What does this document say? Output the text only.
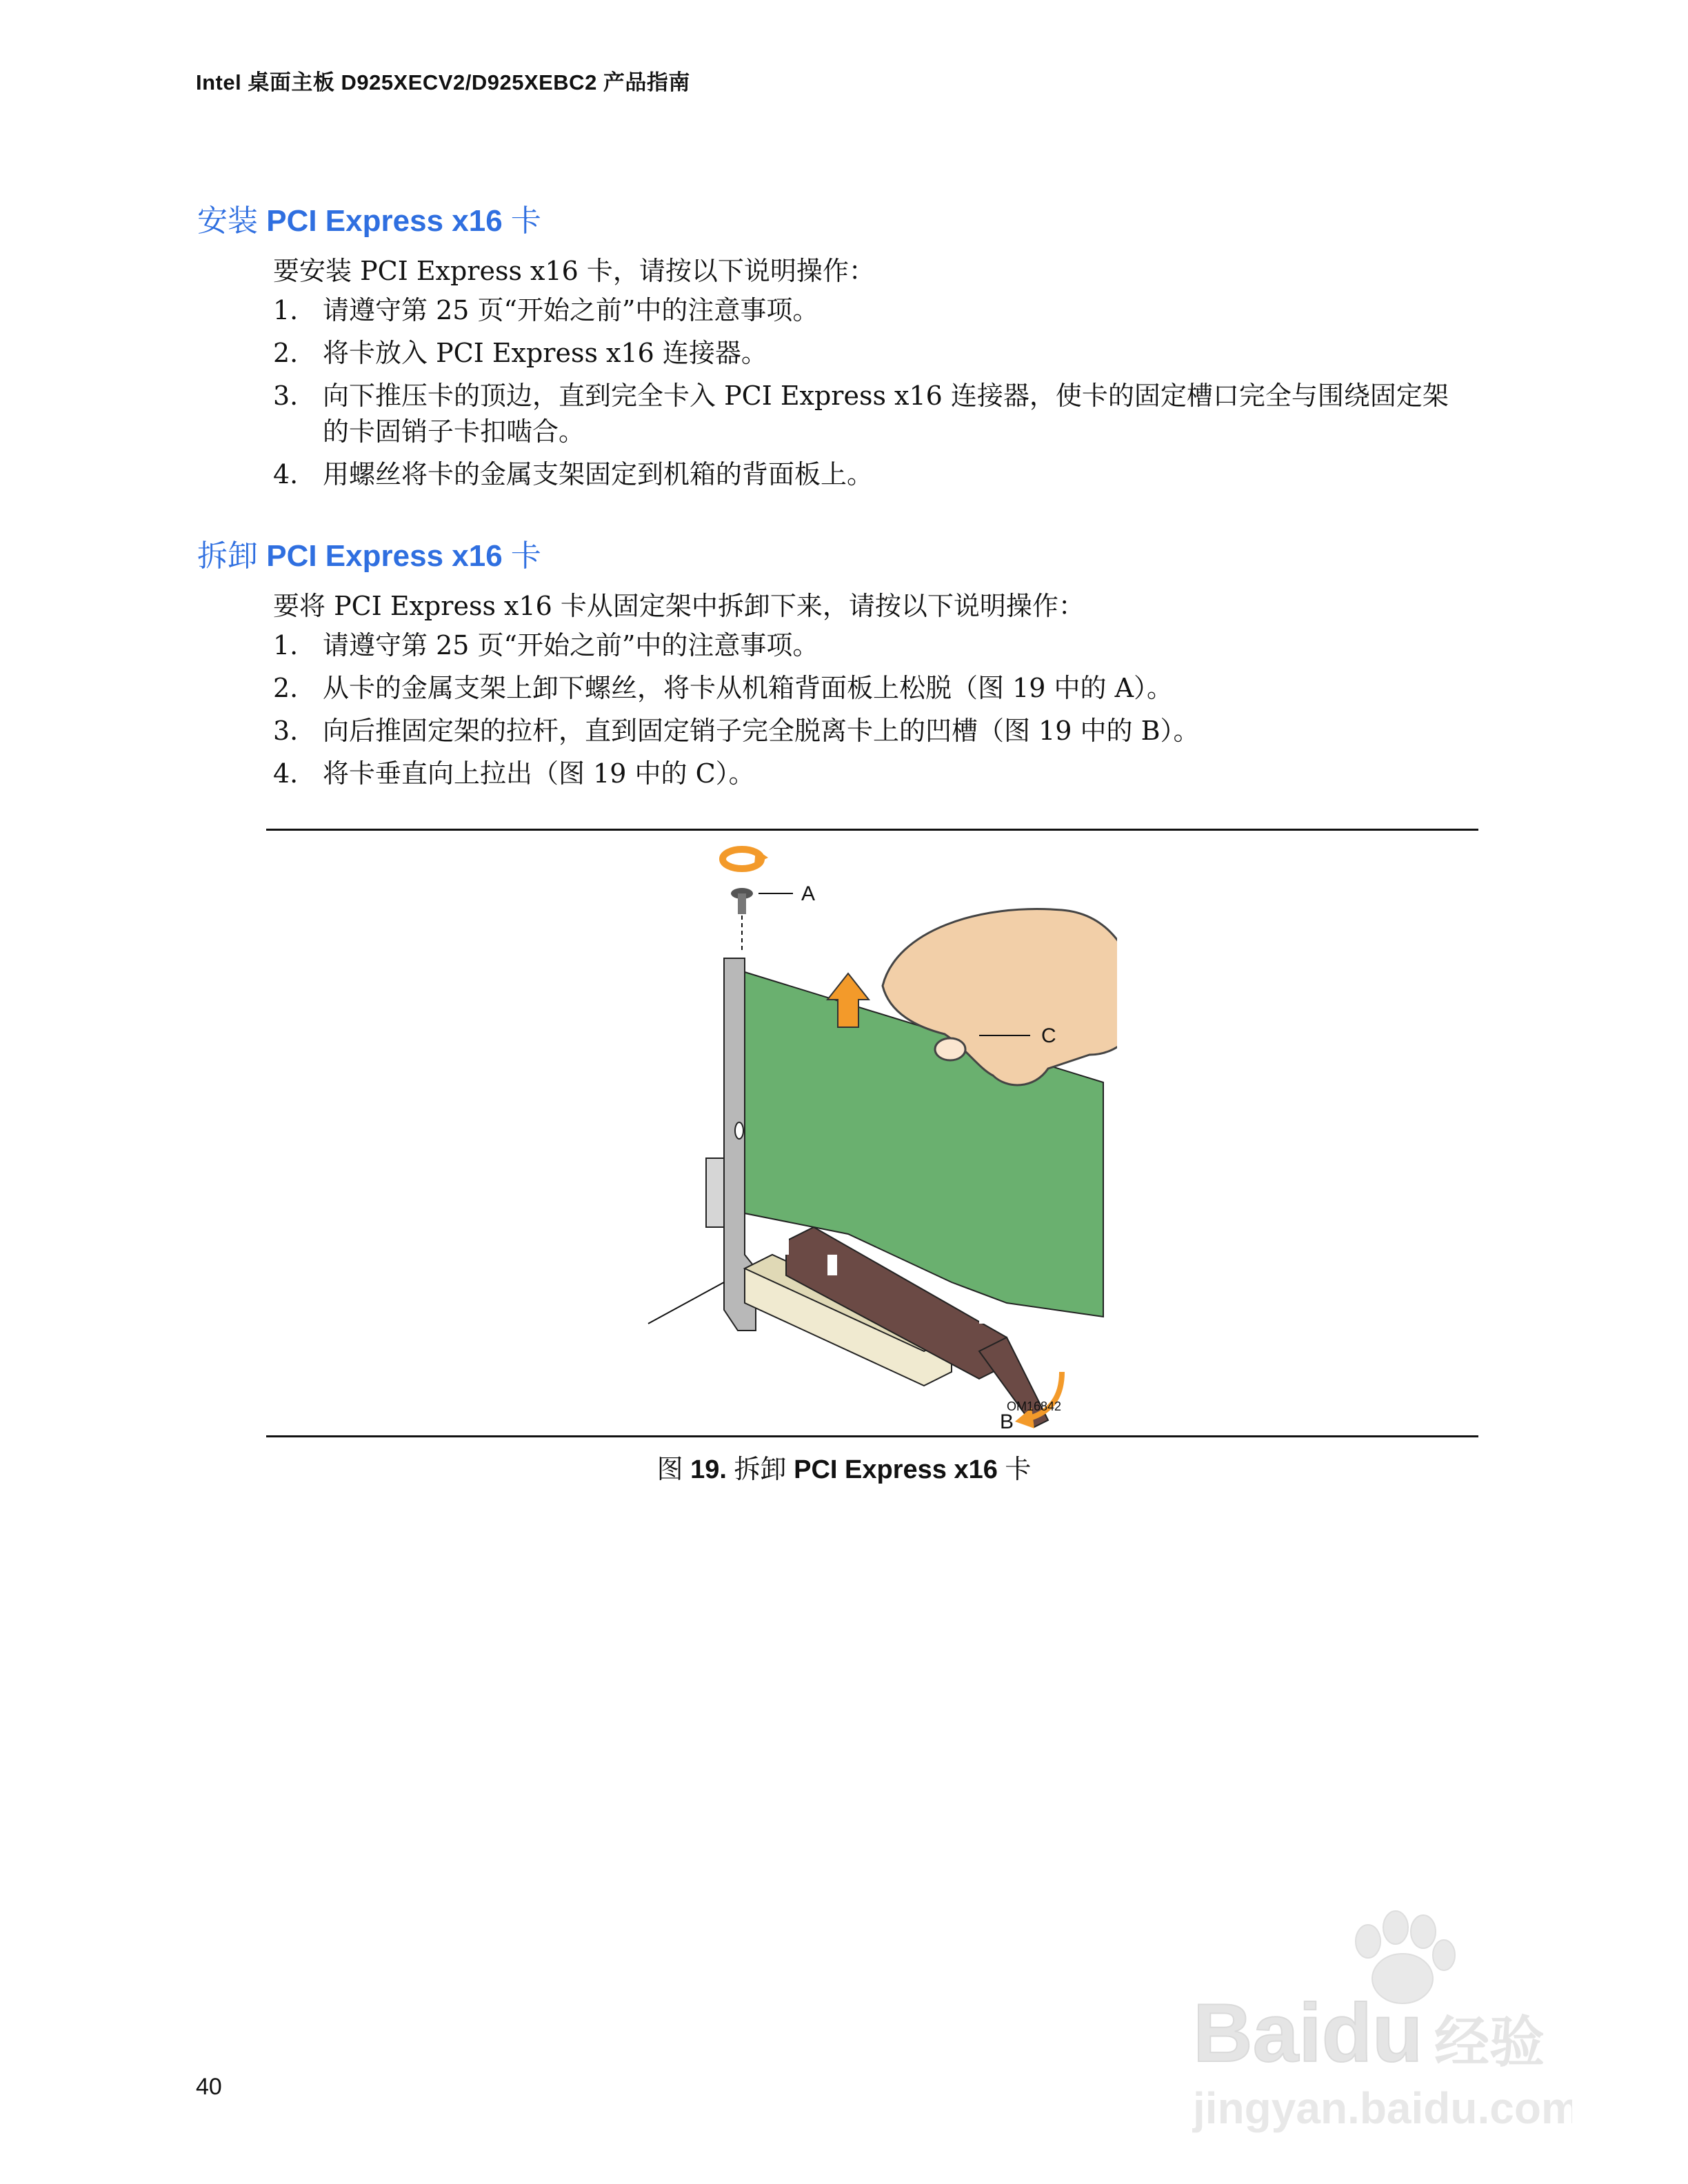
Intel 桌面主板 D925XECV2/D925XEBC2 产品指南
安装 PCI Express x16 卡

要安装 PCI Express x16 卡，请按以下说明操作：

1. 请遵守第 25 页“开始之前”中的注意事项。
2. 将卡放入 PCI Express x16 连接器。
3. 向下推压卡的顶边，直到完全卡入 PCI Express x16 连接器，使卡的固定槽口完全与围绕固定架的卡固销子卡扣啮合。
4. 用螺丝将卡的金属支架固定到机箱的背面板上。
拆卸 PCI Express x16 卡

要将 PCI Express x16 卡从固定架中拆卸下来，请按以下说明操作：

1. 请遵守第 25 页“开始之前”中的注意事项。
2. 从卡的金属支架上卸下螺丝，将卡从机箱背面板上松脱（图 19 中的 A）。
3. 向后推固定架的拉杆，直到固定销子完全脱离卡上的凹槽（图 19 中的 B）。
4. 将卡垂直向上拉出（图 19 中的 C）。
A
C
B
OM16842
图 19. 拆卸 PCI Express x16 卡
40
Baidu 经验
jingyan.baidu.com
